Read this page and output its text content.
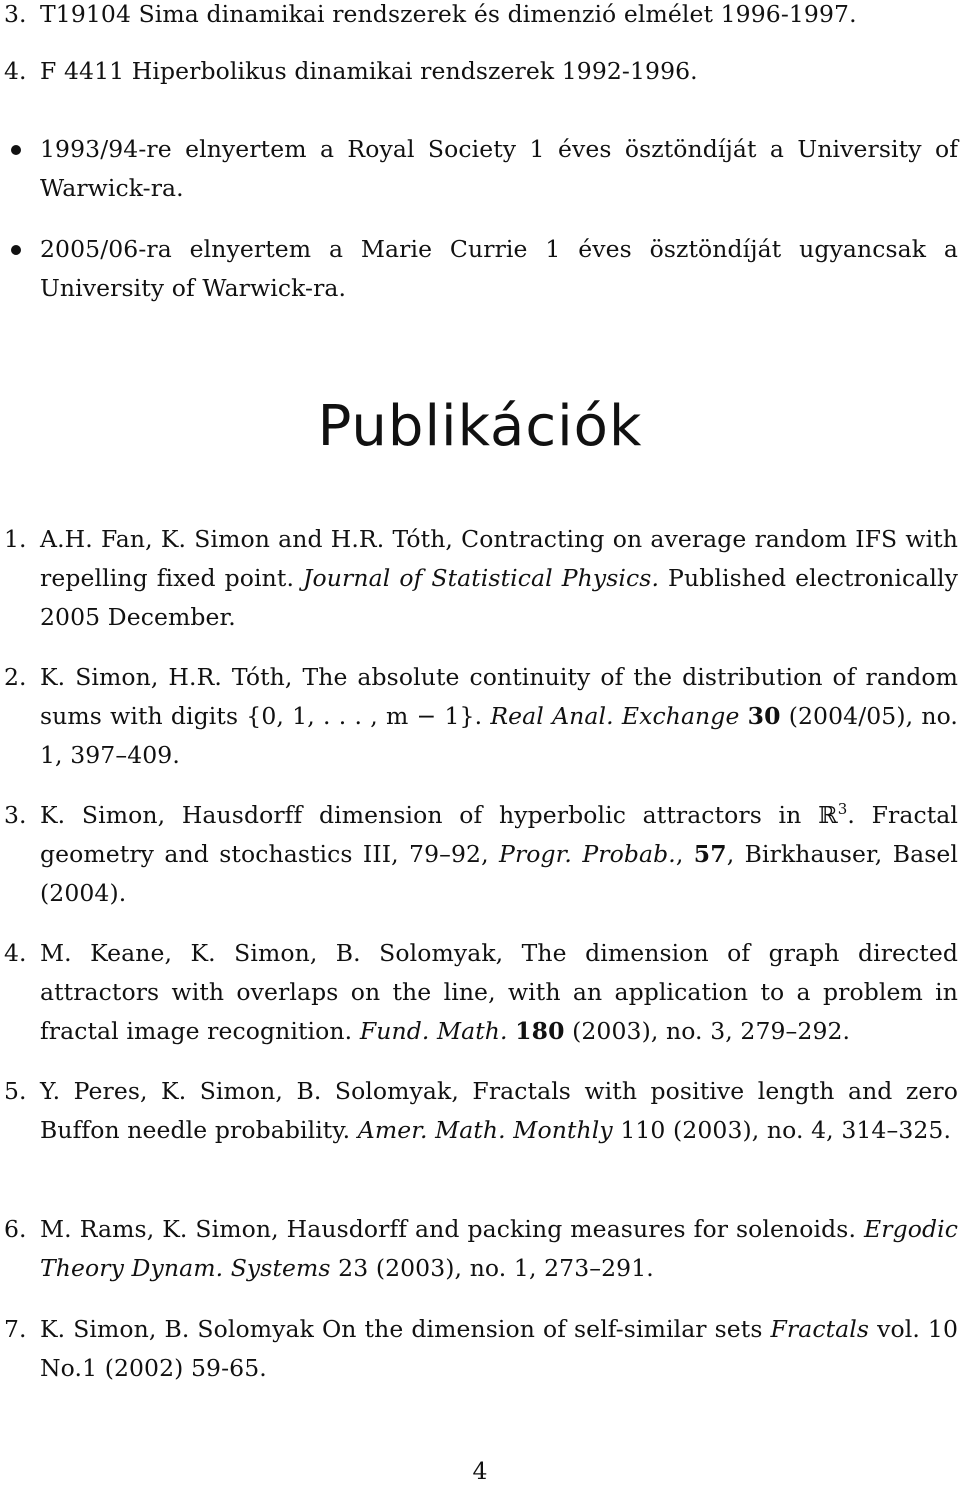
3. T19104 Sima dinamikai rendszerek és dimenzió elmélet 1996-1997.
4. F 4411 Hiperbolikus dinamikai rendszerek 1992-1996.
1993/94-re elnyertem a Royal Society 1 éves ösztöndíját a University of Warwick-ra.
2005/06-ra elnyertem a Marie Currie 1 éves ösztöndíját ugyancsak a University of Warwick-ra.
Publikációk
1. A.H. Fan, K. Simon and H.R. Tóth, Contracting on average random IFS with repelling fixed point. Journal of Statistical Physics. Published electronically 2005 December.
2. K. Simon, H.R. Tóth, The absolute continuity of the distribution of random sums with digits {0, 1, . . . , m − 1}. Real Anal. Exchange 30 (2004/05), no. 1, 397–409.
3. K. Simon, Hausdorff dimension of hyperbolic attractors in ℝ$^3$. Fractal geometry and stochastics III, 79–92, Progr. Probab., 57, Birkhauser, Basel (2004).
4. M. Keane, K. Simon, B. Solomyak, The dimension of graph directed attractors with overlaps on the line, with an application to a problem in fractal image recognition. Fund. Math. 180 (2003), no. 3, 279–292.
5. Y. Peres, K. Simon, B. Solomyak, Fractals with positive length and zero Buffon needle probability. Amer. Math. Monthly 110 (2003), no. 4, 314–325.
6. M. Rams, K. Simon, Hausdorff and packing measures for solenoids. Ergodic Theory Dynam. Systems 23 (2003), no. 1, 273–291.
7. K. Simon, B. Solomyak On the dimension of self-similar sets Fractals vol. 10 No.1 (2002) 59-65.
4
